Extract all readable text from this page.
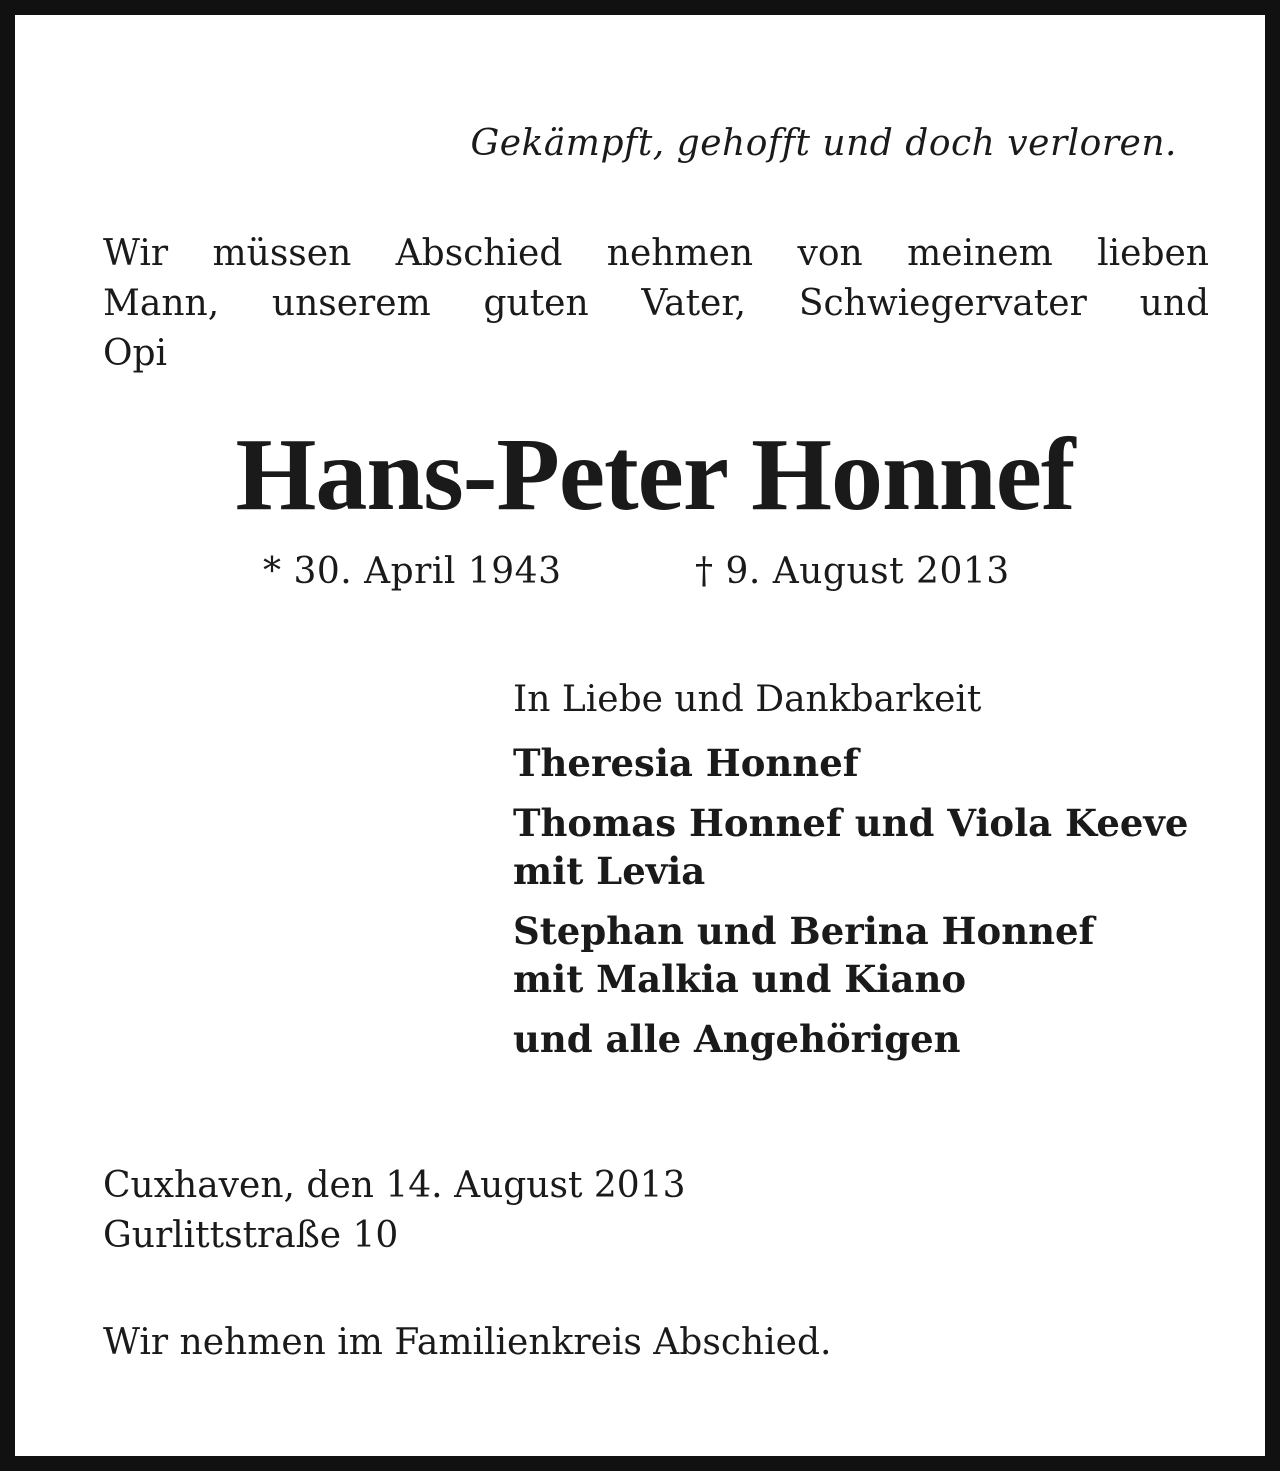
Gekämpft, gehofft und doch verloren.
Wir müssen Abschied nehmen von meinem lieben
Mann, unserem guten Vater, Schwiegervater und
Opi
Hans-Peter Honnef
* 30. April 1943	† 9. August 2013
In Liebe und Dankbarkeit
Theresia Honnef
Thomas Honnef und Viola Keeve
mit Levia
Stephan und Berina Honnef
mit Malkia und Kiano
und alle Angehörigen
Cuxhaven, den 14. August 2013
Gurlittstraße 10
Wir nehmen im Familienkreis Abschied.
